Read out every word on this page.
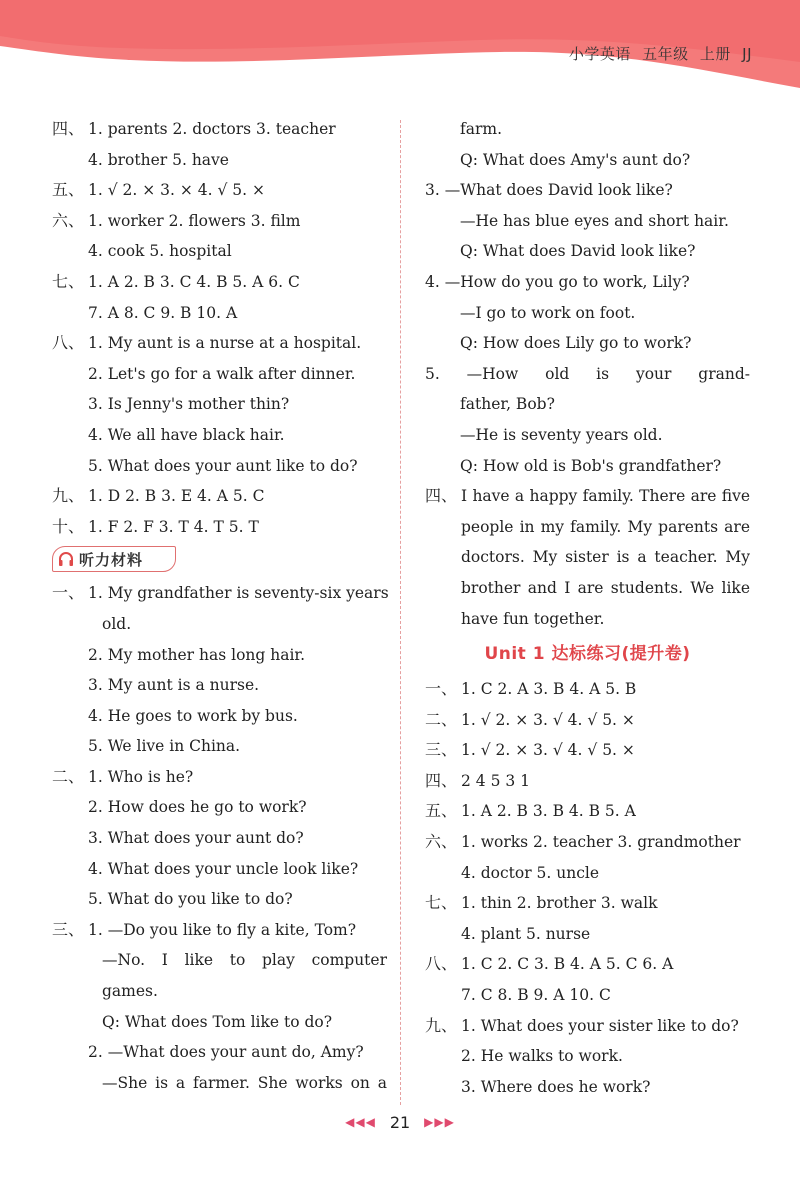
小学英语 五年级 上册 JJ
四、 1. parents 2. doctors 3. teacher
4. brother 5. have
五、 1. √ 2. × 3. × 4. √ 5. ×
六、 1. worker 2. flowers 3. film
4. cook 5. hospital
七、 1. A 2. B 3. C 4. B 5. A 6. C
7. A 8. C 9. B 10. A
八、 1. My aunt is a nurse at a hospital.
2. Let's go for a walk after dinner.
3. Is Jenny's mother thin?
4. We all have black hair.
5. What does your aunt like to do?
九、 1. D 2. B 3. E 4. A 5. C
十、 1. F 2. F 3. T 4. T 5. T
听力材料
一、 1. My grandfather is seventy-six years
old.
2. My mother has long hair.
3. My aunt is a nurse.
4. He goes to work by bus.
5. We live in China.
二、 1. Who is he?
2. How does he go to work?
3. What does your aunt do?
4. What does your uncle look like?
5. What do you like to do?
三、 1. —Do you like to fly a kite, Tom?
—No. I like to play computer
games.
Q: What does Tom like to do?
2. —What does your aunt do, Amy?
—She is a farmer. She works on a
farm.
Q: What does Amy's aunt do?
3. —What does David look like?
—He has blue eyes and short hair.
Q: What does David look like?
4. —How do you go to work, Lily?
—I go to work on foot.
Q: How does Lily go to work?
5. —How old is your grand-
father, Bob?
—He is seventy years old.
Q: How old is Bob's grandfather?
四、 I have a happy family. There are five
people in my family. My parents are
doctors. My sister is a teacher. My
brother and I are students. We like
have fun together.
Unit 1 达标练习(提升卷)
一、 1. C 2. A 3. B 4. A 5. B
二、 1. √ 2. × 3. √ 4. √ 5. ×
三、 1. √ 2. × 3. √ 4. √ 5. ×
四、 2 4 5 3 1
五、 1. A 2. B 3. B 4. B 5. A
六、 1. works 2. teacher 3. grandmother
4. doctor 5. uncle
七、 1. thin 2. brother 3. walk
4. plant 5. nurse
八、 1. C 2. C 3. B 4. A 5. C 6. A
7. C 8. B 9. A 10. C
九、 1. What does your sister like to do?
2. He walks to work.
3. Where does he work?
◀◀◀ 21 ▶▶▶
